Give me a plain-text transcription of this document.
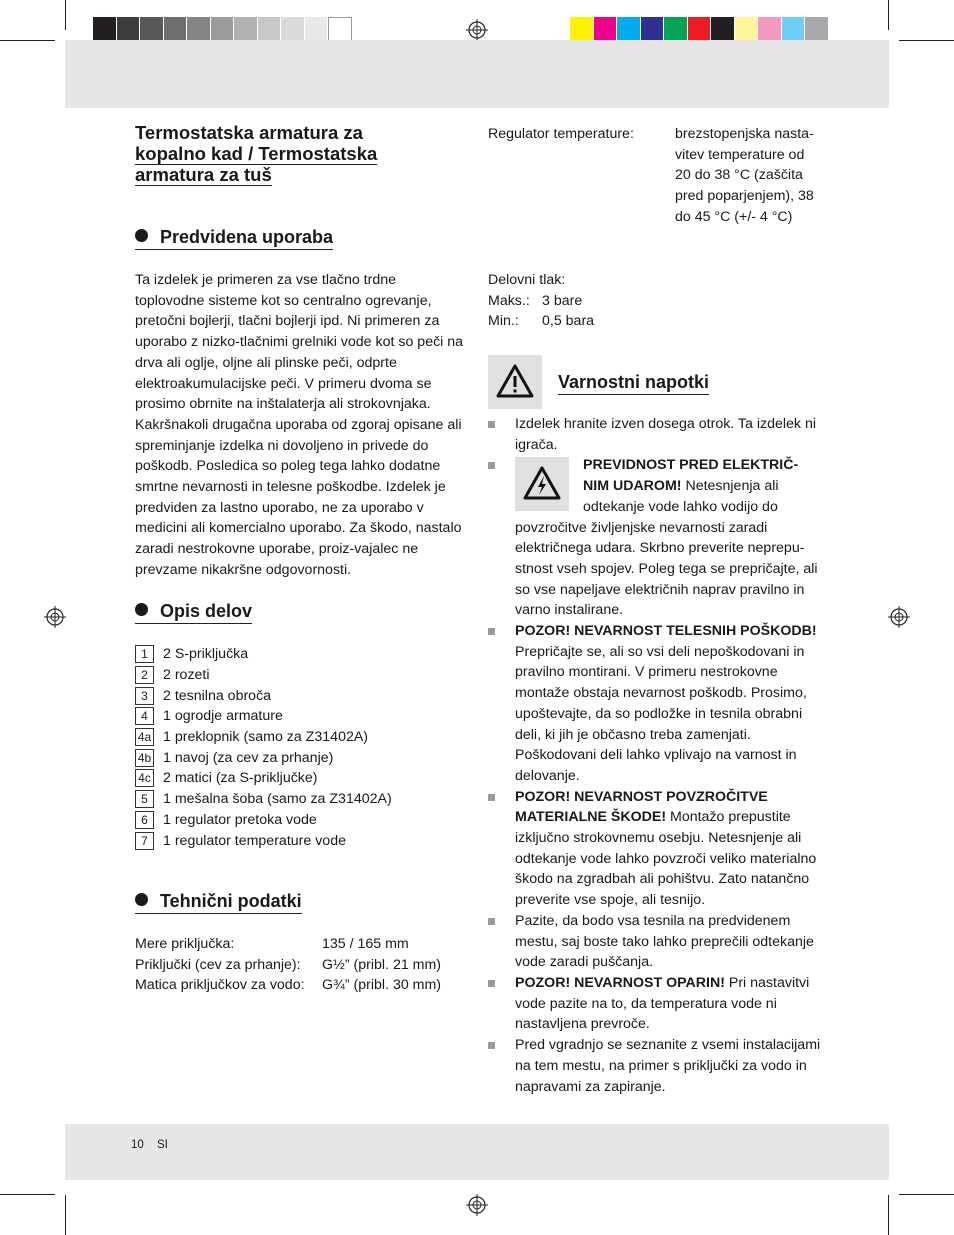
Termostatska armatura za
kopalno kad / Termostatska
armatura za tuš
Predvidena uporaba
Ta izdelek je primeren za vse tlačno trdne toplovodne sisteme kot so centralno ogrevanje, pretočni bojlerji, tlačni bojlerji ipd. Ni primeren za uporabo z nizko-tlačnimi grelniki vode kot so peči na drva ali oglje, oljne ali plinske peči, odprte elektroakumulacijske peči. V primeru dvoma se prosimo obrnite na inštalaterja ali strokovnjaka. Kakršnakoli drugačna uporaba od zgoraj opisane ali spreminjanje izdelka ni dovoljeno in privede do poškodb. Posledica so poleg tega lahko dodatne smrtne nevarnosti in telesne poškodbe. Izdelek je predviden za lastno uporabo, ne za uporabo v medicini ali komercialno uporabo. Za škodo, nastalo zaradi nestrokovne uporabe, proiz-vajalec ne prevzame nikakršne odgovornosti.
Opis delov
1	2 S-priključka
2	2 rozeti
3	2 tesnilna obroča
4	1 ogrodje armature
4a 1 preklopnik (samo za Z31402A)
4b 1 navoj (za cev za prhanje)
4c 2 matici (za S-priključke)
5	1 mešalna šoba (samo za Z31402A)
6	1 regulator pretoka vode
7	1 regulator temperature vode
Tehnični podatki
Mere priključka:	135 / 165 mm
Priključki (cev za prhanje):	G½” (pribl. 21 mm)
Matica priključkov za vodo:	G¾” (pribl. 30 mm)
Regulator temperature:	brezstopenjska nasta-vitev temperature od 20 do 38 °C (zaščita pred poparjenjem), 38 do 45 °C (+/- 4 °C)
Delovni tlak:
Maks.: 3 bare
Min.:	0,5 bara
Varnostni napotki
Izdelek hranite izven dosega otrok. Ta izdelek ni igrača.
PREVIDNOST PRED ELEKTRIČ-NIM UDAROM! Netesnjenja ali odtekanje vode lahko vodijo do povzročitve življenjske nevarnosti zaradi električnega udara. Skrbno preverite neprepu-stnost vseh spojev. Poleg tega se prepričajte, ali so vse napeljave električnih naprav pravilno in varno instalirane.
POZOR! NEVARNOST TELESNIH POŠKODB! Prepričajte se, ali so vsi deli nepoškodovani in pravilno montirani. V primeru nestrokovne montaže obstaja nevarnost poškodb. Prosimo, upoštevajte, da so podložke in tesnila obrabni deli, ki jih je občasno treba zamenjati. Poškodovani deli lahko vplivajo na varnost in delovanje.
POZOR! NEVARNOST POVZROČITVE MATERIALNE ŠKODE! Montažo prepustite izključno strokovnemu osebju. Netesnjenje ali odtekanje vode lahko povzroči veliko materialno škodo na zgradbah ali pohištvu. Zato natančno preverite vse spoje, ali tesnijo.
Pazite, da bodo vsa tesnila na predvidenem mestu, saj boste tako lahko preprečili odtekanje vode zaradi puščanja.
POZOR! NEVARNOST OPARIN! Pri nastavitvi vode pazite na to, da temperatura vode ni nastavljena prevroče.
Pred vgradnjo se seznanite z vsemi instalacijami na tem mestu, na primer s priključki za vodo in napravami za zapiranje.
10 SI
